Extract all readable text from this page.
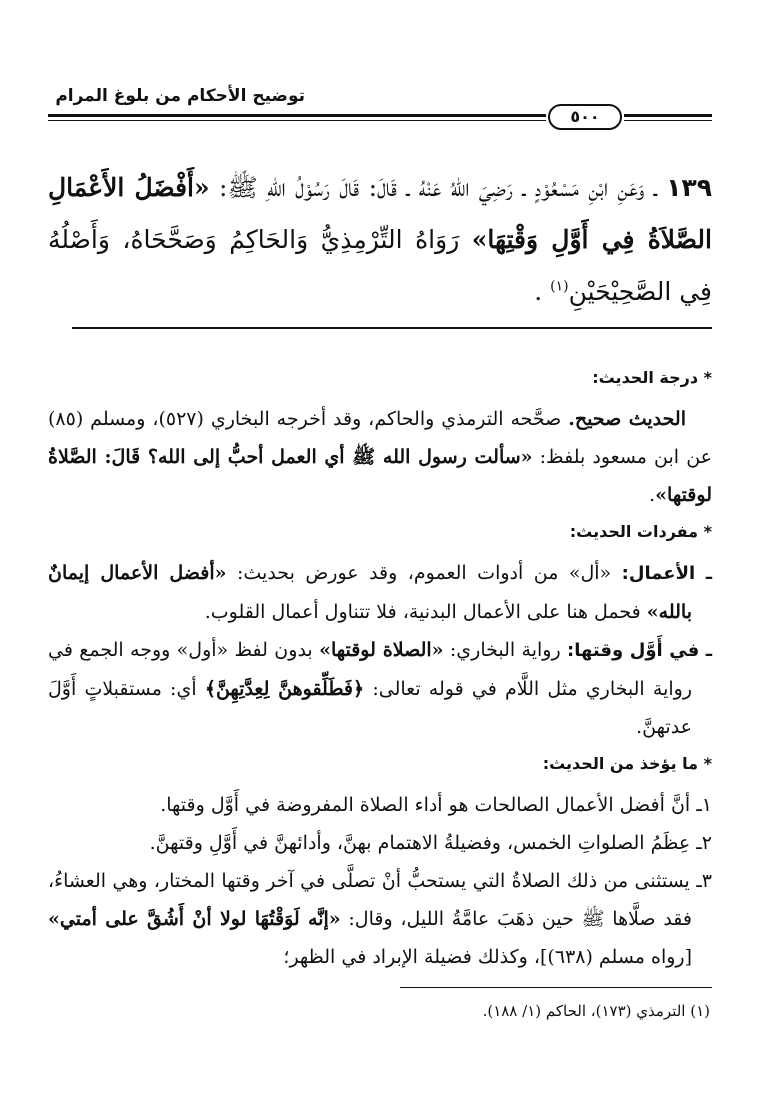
توضيح الأحكام من بلوغ المرام
٥٠٠
١٣٩ ـ وَعَنِ ابْنِ مَسْعُوْدٍ ـ رَضِيَ اللهُ عَنْهُ ـ قَالَ: قَالَ رَسُوْلُ اللهِ ﷺ: «أَفْضَلُ الأَعْمَالِ الصَّلاَةُ فِي أَوَّلِ وَقْتِهَا» رَوَاهُ التِّرْمِذِيُّ وَالحَاكِمُ وَصَحَّحَاهُ، وَأَصْلُهُ فِي الصَّحِيْحَيْنِ$^{(١)}$ .
* درجة الحديث:

الحديث صحيح. صحَّحه الترمذي والحاكم، وقد أخرجه البخاري (٥٢٧)، ومسلم (٨٥) عن ابن مسعود بلفظ: «سألت رسول الله ﷺ أي العمل أحبُّ إلى الله؟ قَالَ: الصَّلاةُ لوقتها».

* مفردات الحديث:

ـ الأعمال: «أل» من أدوات العموم، وقد عورض بحديث: «أفضل الأعمال إيمانٌ بالله» فحمل هنا على الأعمال البدنية، فلا تتناول أعمال القلوب.

ـ في أَوَّل وقتها: رواية البخاري: «الصلاة لوقتها» بدون لفظ «أول» ووجه الجمع في رواية البخاري مثل اللَّام في قوله تعالى: ﴿فَطَلِّقوهنَّ لِعِدَّتِهِنَّ﴾ أي: مستقبلاتٍ أَوَّلَ عدتهنَّ.

* ما يؤخذ من الحديث:

١ـ أنَّ أفضل الأعمال الصالحات هو أداء الصلاة المفروضة في أَوَّل وقتها.

٢ـ عِظَمُ الصلواتِ الخمس، وفضيلةُ الاهتمام بهنَّ، وأدائهنَّ في أَوَّلِ وقتهنَّ.

٣ـ يستثنى من ذلك الصلاةُ التي يستحبُّ أنْ تصلَّى في آخر وقتها المختار، وهي العشاءُ، فقد صلَّاها ﷺ حين ذهَبَ عامَّةُ الليل، وقال: «إنَّه لَوَقْتُهَا لولا أنْ أَشُقَّ على أمتي» [رواه مسلم (٦٣٨)]، وكذلك فضيلة الإبراد في الظهر؛

(١) الترمذي (١٧٣)، الحاكم (١/ ١٨٨).
